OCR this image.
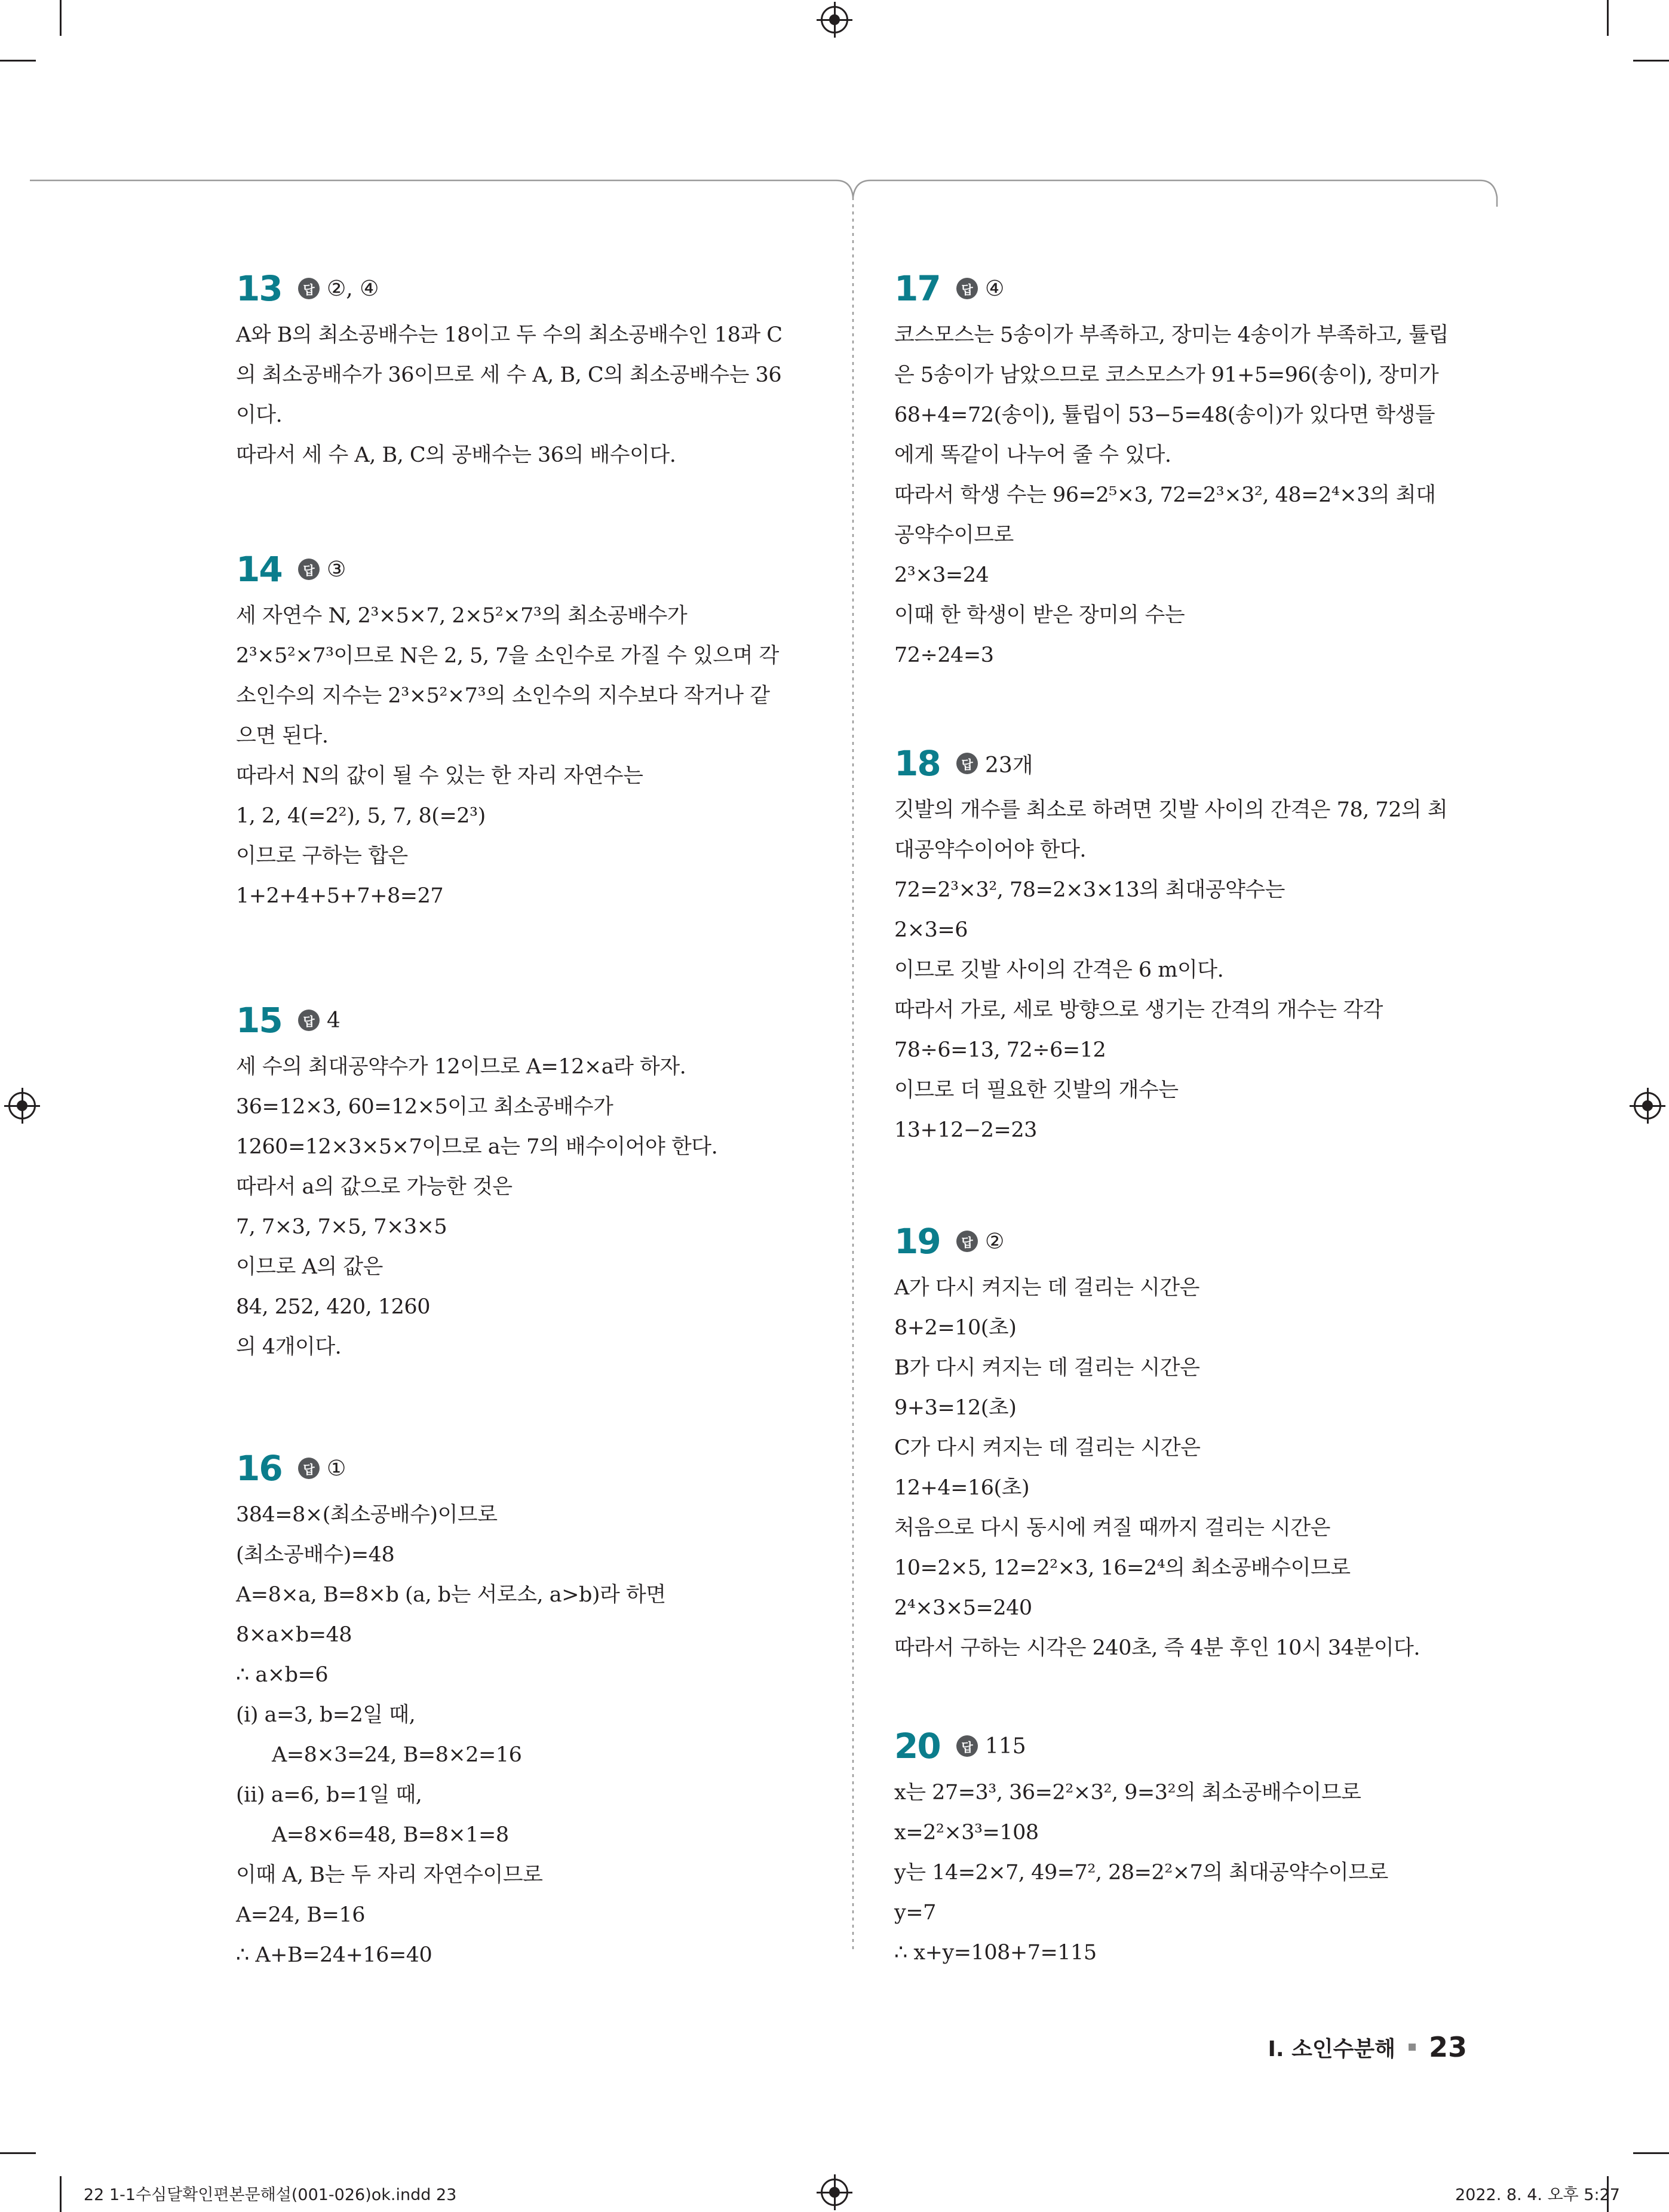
13	답 ②, ④
A와 B의 최소공배수는 18이고 두 수의 최소공배수인 18과 C
의 최소공배수가 36이므로 세 수 A, B, C의 최소공배수는 36
이다.
따라서 세 수 A, B, C의 공배수는 36의 배수이다.
14	답 ③
세 자연수 N, 2³×5×7, 2×5²×7³의 최소공배수가
2³×5²×7³이므로 N은 2, 5, 7을 소인수로 가질 수 있으며 각
소인수의 지수는 2³×5²×7³의 소인수의 지수보다 작거나 같
으면 된다.
따라서 N의 값이 될 수 있는 한 자리 자연수는
1, 2, 4(=2²), 5, 7, 8(=2³)
이므로 구하는 합은
1+2+4+5+7+8=27
15	답 4
세 수의 최대공약수가 12이므로 A=12×a라 하자.
36=12×3, 60=12×5이고 최소공배수가
1260=12×3×5×7이므로 a는 7의 배수이어야 한다.
따라서 a의 값으로 가능한 것은
7, 7×3, 7×5, 7×3×5
이므로 A의 값은
84, 252, 420, 1260
의 4개이다.
16	답 ①
384=8×(최소공배수)이므로
(최소공배수)=48
A=8×a, B=8×b (a, b는 서로소, a>b)라 하면
8×a×b=48
∴ a×b=6
(ⅰ) a=3, b=2일 때,
A=8×3=24, B=8×2=16
(ⅱ) a=6, b=1일 때,
A=8×6=48, B=8×1=8
이때 A, B는 두 자리 자연수이므로
A=24, B=16
∴ A+B=24+16=40
17	답 ④
코스모스는 5송이가 부족하고, 장미는 4송이가 부족하고, 튤립
은 5송이가 남았으므로 코스모스가 91+5=96(송이), 장미가
68+4=72(송이), 튤립이 53−5=48(송이)가 있다면 학생들
에게 똑같이 나누어 줄 수 있다.
따라서 학생 수는 96=2⁵×3, 72=2³×3², 48=2⁴×3의 최대
공약수이므로
2³×3=24
이때 한 학생이 받은 장미의 수는
72÷24=3
18	답 23개
깃발의 개수를 최소로 하려면 깃발 사이의 간격은 78, 72의 최
대공약수이어야 한다.
72=2³×3², 78=2×3×13의 최대공약수는
2×3=6
이므로 깃발 사이의 간격은 6 m이다.
따라서 가로, 세로 방향으로 생기는 간격의 개수는 각각
78÷6=13, 72÷6=12
이므로 더 필요한 깃발의 개수는
13+12−2=23
19	답 ②
A가 다시 켜지는 데 걸리는 시간은
8+2=10(초)
B가 다시 켜지는 데 걸리는 시간은
9+3=12(초)
C가 다시 켜지는 데 걸리는 시간은
12+4=16(초)
처음으로 다시 동시에 켜질 때까지 걸리는 시간은
10=2×5, 12=2²×3, 16=2⁴의 최소공배수이므로
2⁴×3×5=240
따라서 구하는 시각은 240초, 즉 4분 후인 10시 34분이다.
20	답 115
x는 27=3³, 36=2²×3², 9=3²의 최소공배수이므로
x=2²×3³=108
y는 14=2×7, 49=7², 28=2²×7의 최대공약수이므로
y=7
∴ x+y=108+7=115
Ⅰ. 소인수분해 23
22 1-1수심달확인편본문해설(001-026)ok.indd 23	2022. 8. 4. 오후 5:27
